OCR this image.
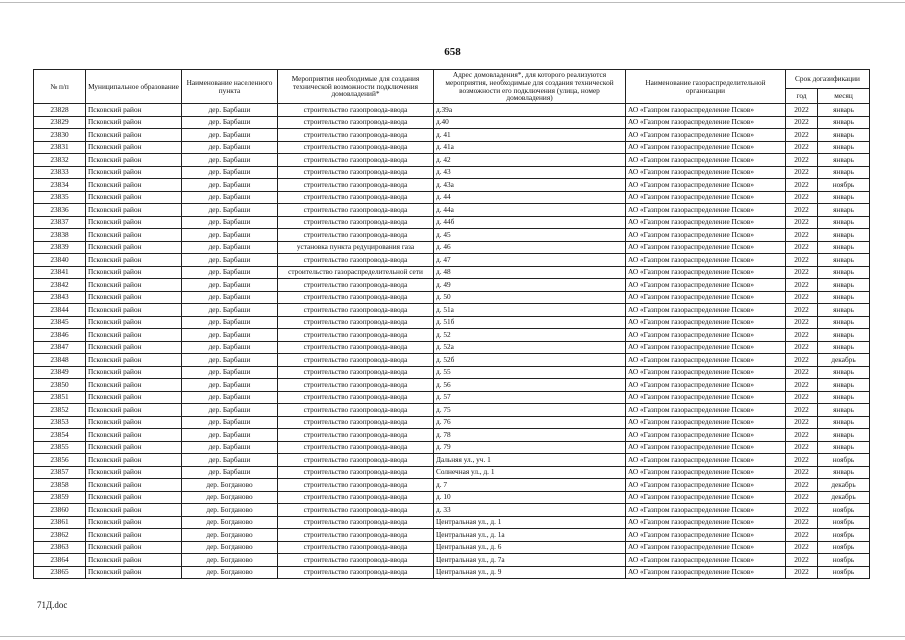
658
№ п/п	Муниципальное образование	Наименование населенного пункта	Мероприятия необходимые для создания технической возможности подключения домовладений*	Адрес домовладения*, для которого реализуются мероприятия, необходимые для создания технической возможности его подключения (улица, номер домовладения)	Наименование газораспределительной организации	Срок догазификации	
						год	месяц
23828	Псковский район	дер. Барбаши	строительство газопровода-ввода	д.39а	АО «Газпром газораспределение Псков»	2022	январь
23829	Псковский район	дер. Барбаши	строительство газопровода-ввода	д.40	АО «Газпром газораспределение Псков»	2022	январь
23830	Псковский район	дер. Барбаши	строительство газопровода-ввода	д. 41	АО «Газпром газораспределение Псков»	2022	январь
23831	Псковский район	дер. Барбаши	строительство газопровода-ввода	д. 41а	АО «Газпром газораспределение Псков»	2022	январь
23832	Псковский район	дер. Барбаши	строительство газопровода-ввода	д. 42	АО «Газпром газораспределение Псков»	2022	январь
23833	Псковский район	дер. Барбаши	строительство газопровода-ввода	д. 43	АО «Газпром газораспределение Псков»	2022	январь
23834	Псковский район	дер. Барбаши	строительство газопровода-ввода	д. 43а	АО «Газпром газораспределение Псков»	2022	ноябрь
23835	Псковский район	дер. Барбаши	строительство газопровода-ввода	д. 44	АО «Газпром газораспределение Псков»	2022	январь
23836	Псковский район	дер. Барбаши	строительство газопровода-ввода	д. 44а	АО «Газпром газораспределение Псков»	2022	январь
23837	Псковский район	дер. Барбаши	строительство газопровода-ввода	д. 44б	АО «Газпром газораспределение Псков»	2022	январь
23838	Псковский район	дер. Барбаши	строительство газопровода-ввода	д. 45	АО «Газпром газораспределение Псков»	2022	январь
23839	Псковский район	дер. Барбаши	установка пункта редуцирования газа	д. 46	АО «Газпром газораспределение Псков»	2022	январь
23840	Псковский район	дер. Барбаши	строительство газопровода-ввода	д. 47	АО «Газпром газораспределение Псков»	2022	январь
23841	Псковский район	дер. Барбаши	строительство газораспределительной сети	д. 48	АО «Газпром газораспределение Псков»	2022	январь
23842	Псковский район	дер. Барбаши	строительство газопровода-ввода	д. 49	АО «Газпром газораспределение Псков»	2022	январь
23843	Псковский район	дер. Барбаши	строительство газопровода-ввода	д. 50	АО «Газпром газораспределение Псков»	2022	январь
23844	Псковский район	дер. Барбаши	строительство газопровода-ввода	д. 51а	АО «Газпром газораспределение Псков»	2022	январь
23845	Псковский район	дер. Барбаши	строительство газопровода-ввода	д. 51б	АО «Газпром газораспределение Псков»	2022	январь
23846	Псковский район	дер. Барбаши	строительство газопровода-ввода	д. 52	АО «Газпром газораспределение Псков»	2022	январь
23847	Псковский район	дер. Барбаши	строительство газопровода-ввода	д. 52а	АО «Газпром газораспределение Псков»	2022	январь
23848	Псковский район	дер. Барбаши	строительство газопровода-ввода	д. 52б	АО «Газпром газораспределение Псков»	2022	декабрь
23849	Псковский район	дер. Барбаши	строительство газопровода-ввода	д. 55	АО «Газпром газораспределение Псков»	2022	январь
23850	Псковский район	дер. Барбаши	строительство газопровода-ввода	д. 56	АО «Газпром газораспределение Псков»	2022	январь
23851	Псковский район	дер. Барбаши	строительство газопровода-ввода	д. 57	АО «Газпром газораспределение Псков»	2022	январь
23852	Псковский район	дер. Барбаши	строительство газопровода-ввода	д. 75	АО «Газпром газораспределение Псков»	2022	январь
23853	Псковский район	дер. Барбаши	строительство газопровода-ввода	д. 76	АО «Газпром газораспределение Псков»	2022	январь
23854	Псковский район	дер. Барбаши	строительство газопровода-ввода	д. 78	АО «Газпром газораспределение Псков»	2022	январь
23855	Псковский район	дер. Барбаши	строительство газопровода-ввода	д. 79	АО «Газпром газораспределение Псков»	2022	январь
23856	Псковский район	дер. Барбаши	строительство газопровода-ввода	Дальняя ул., уч. 1	АО «Газпром газораспределение Псков»	2022	ноябрь
23857	Псковский район	дер. Барбаши	строительство газопровода-ввода	Солнечная ул., д. 1	АО «Газпром газораспределение Псков»	2022	январь
23858	Псковский район	дер. Богданово	строительство газопровода-ввода	д. 7	АО «Газпром газораспределение Псков»	2022	декабрь
23859	Псковский район	дер. Богданово	строительство газопровода-ввода	д. 10	АО «Газпром газораспределение Псков»	2022	декабрь
23860	Псковский район	дер. Богданово	строительство газопровода-ввода	д. 33	АО «Газпром газораспределение Псков»	2022	ноябрь
23861	Псковский район	дер. Богданово	строительство газопровода-ввода	Центральная ул., д. 1	АО «Газпром газораспределение Псков»	2022	ноябрь
23862	Псковский район	дер. Богданово	строительство газопровода-ввода	Центральная ул., д. 1а	АО «Газпром газораспределение Псков»	2022	ноябрь
23863	Псковский район	дер. Богданово	строительство газопровода-ввода	Центральная ул., д. 6	АО «Газпром газораспределение Псков»	2022	ноябрь
23864	Псковский район	дер. Богданово	строительство газопровода-ввода	Центральная ул., д. 7а	АО «Газпром газораспределение Псков»	2022	ноябрь
23865	Псковский район	дер. Богданово	строительство газопровода-ввода	Центральная ул., д. 9	АО «Газпром газораспределение Псков»	2022	ноябрь
71Д.doc
